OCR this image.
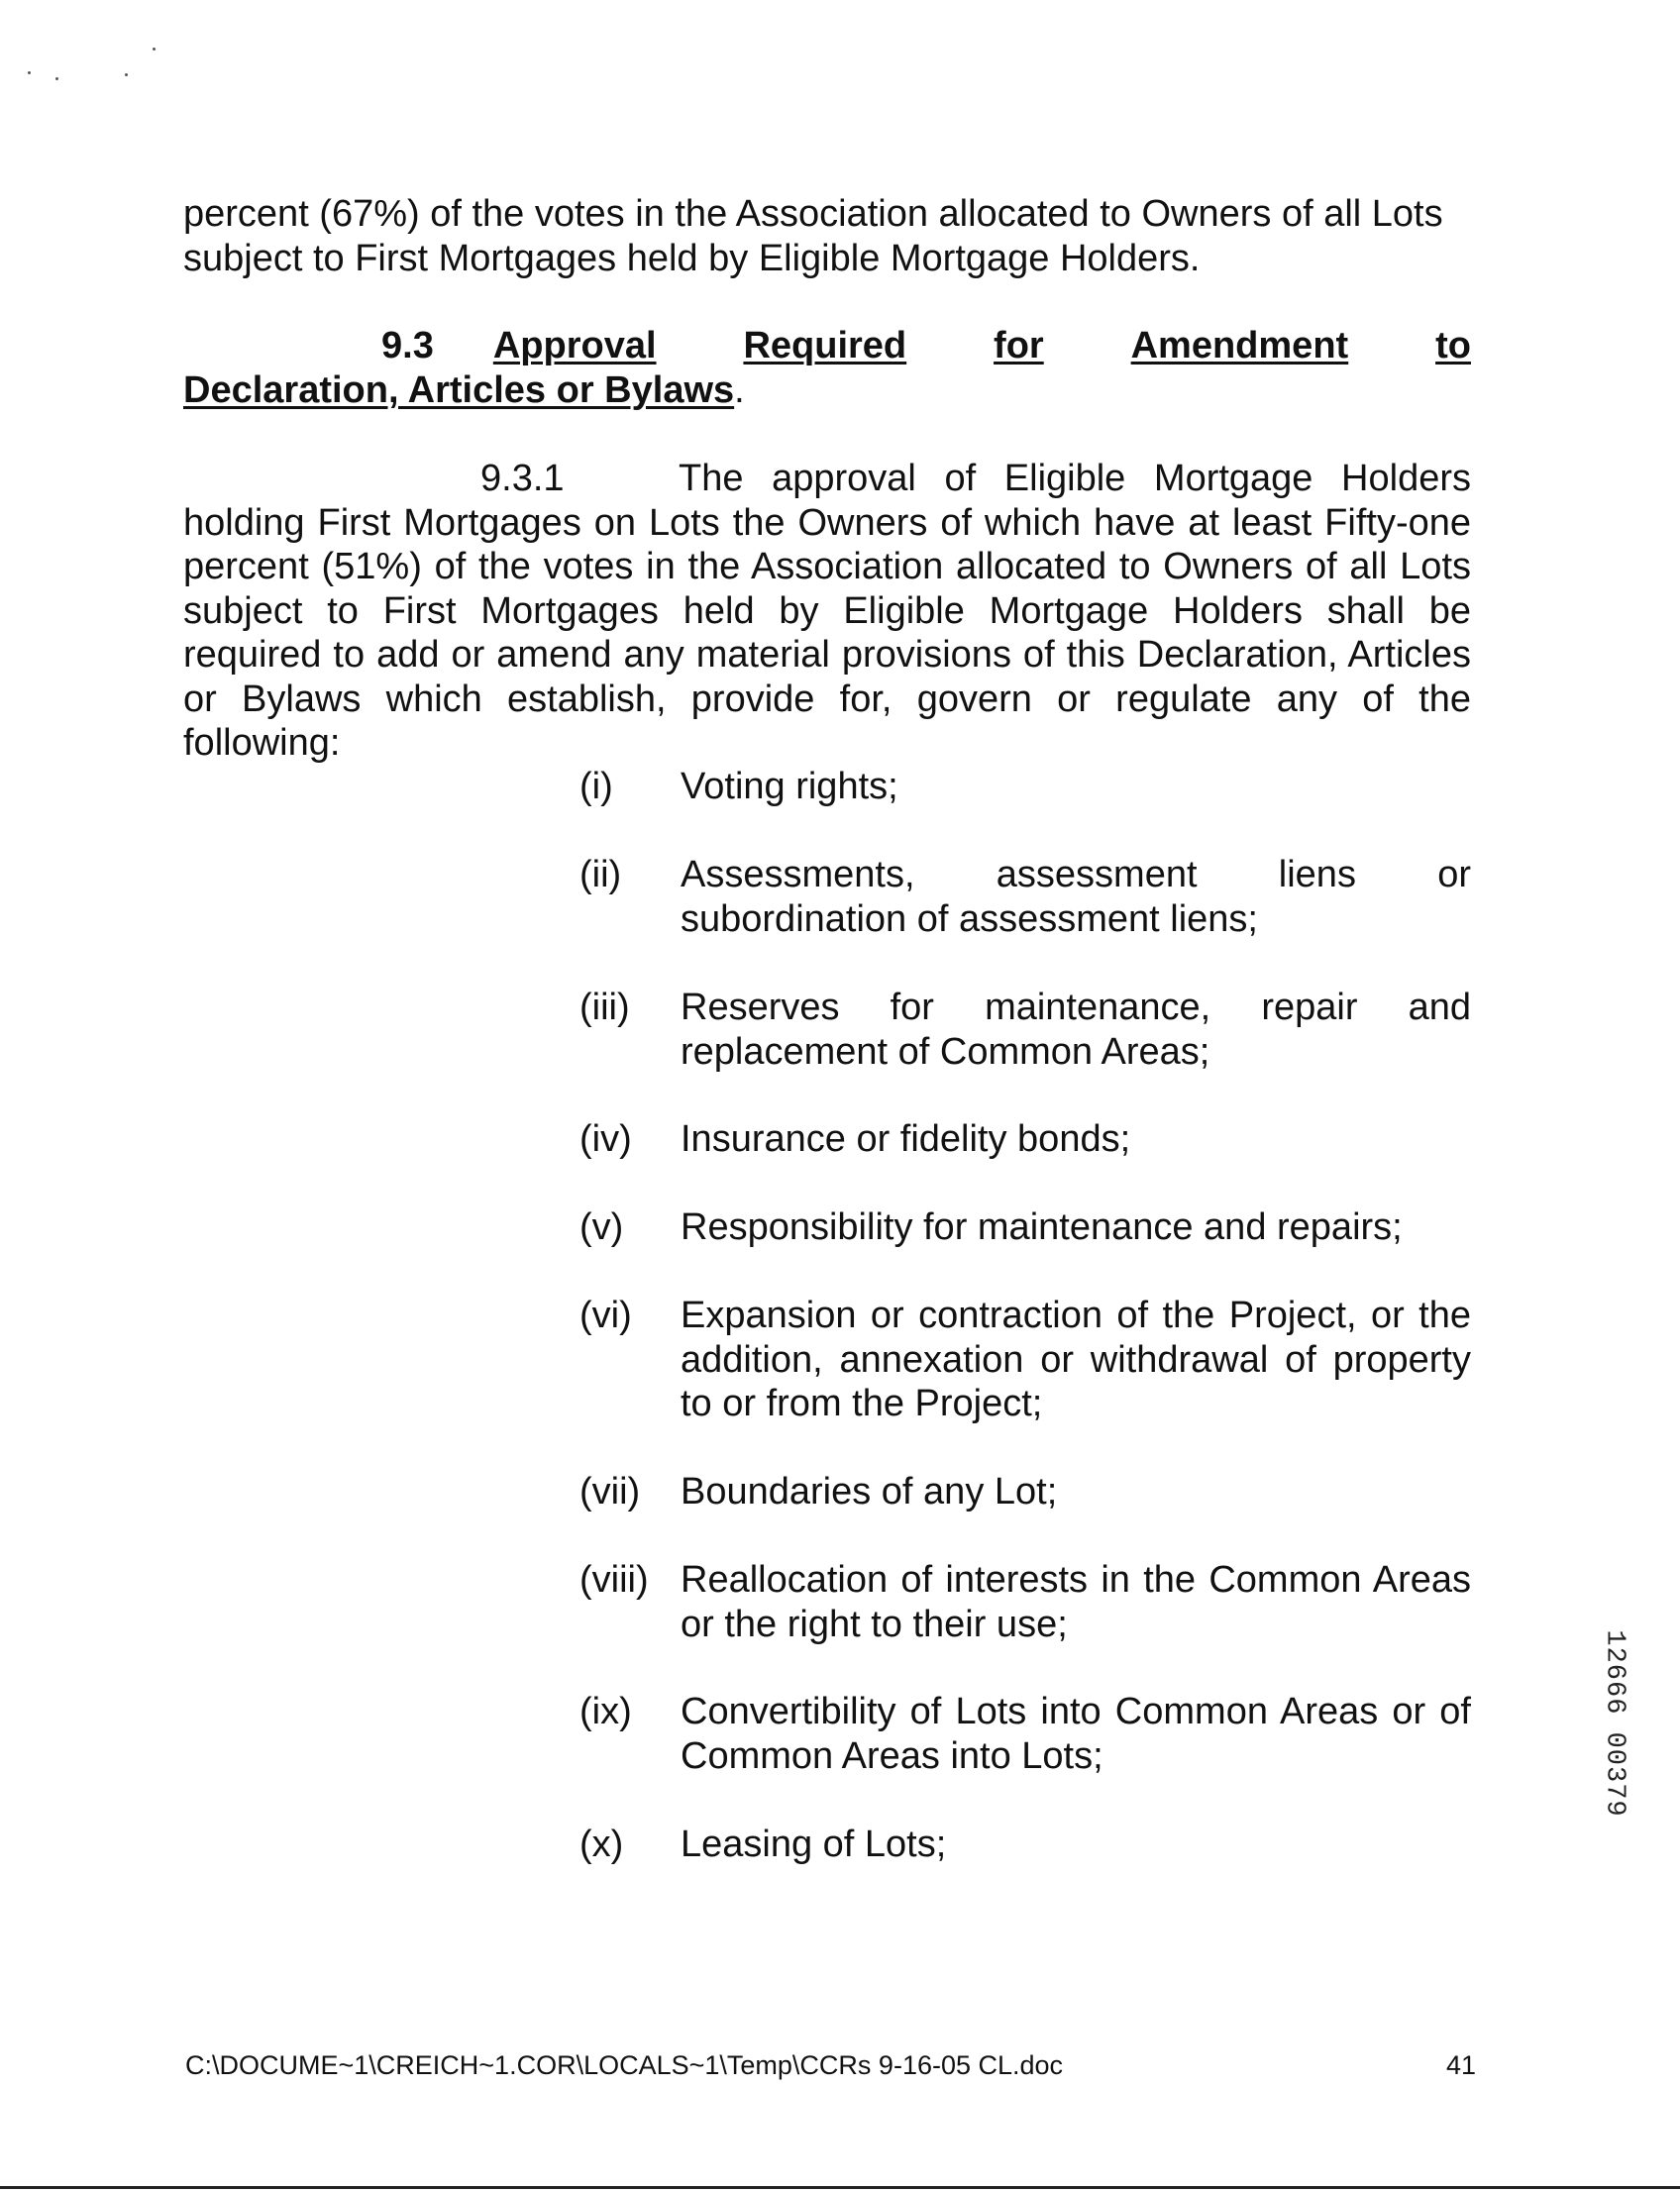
percent (67%) of the votes in the Association allocated to Owners of all Lots
subject to First Mortgages held by Eligible Mortgage Holders.
9.3 Approval Required for Amendment to
Declaration, Articles or Bylaws.
9.3.1	The approval of Eligible Mortgage Holders
holding First Mortgages on Lots the Owners of which have at least Fifty-one
percent (51%) of the votes in the Association allocated to Owners of all Lots
subject to First Mortgages held by Eligible Mortgage Holders shall be
required to add or amend any material provisions of this Declaration, Articles
or Bylaws which establish, provide for, govern or regulate any of the
following:
(i)	Voting rights;
(ii)	Assessments, assessment liens or
subordination of assessment liens;
(iii)	Reserves for maintenance, repair and
replacement of Common Areas;
(iv)	Insurance or fidelity bonds;
(v)	Responsibility for maintenance and repairs;
(vi)	Expansion or contraction of the Project, or the
addition, annexation or withdrawal of property
to or from the Project;
(vii)	Boundaries of any Lot;
(viii) Reallocation of interests in the Common Areas
or the right to their use;
(ix)	Convertibility of Lots into Common Areas or of
Common Areas into Lots;
(x)	Leasing of Lots;
12666 00379
C:\DOCUME~1\CREICH~1.COR\LOCALS~1\Temp\CCRs 9-16-05 CL.doc	41
